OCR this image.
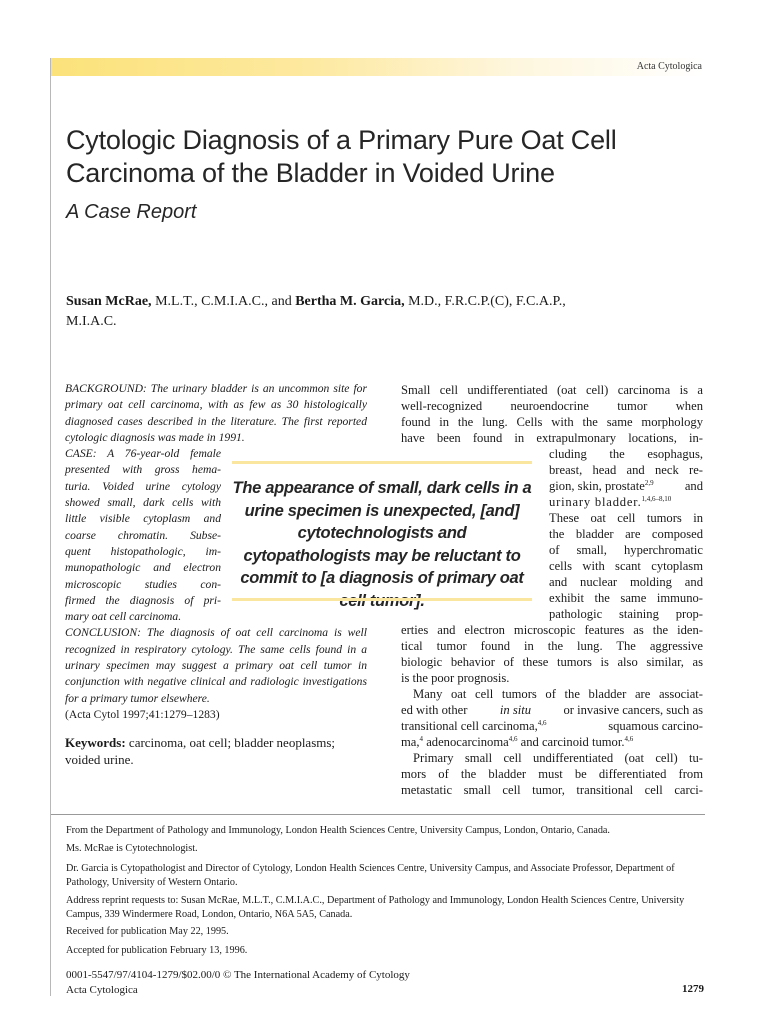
Acta Cytologica
Cytologic Diagnosis of a Primary Pure Oat Cell
Carcinoma of the Bladder in Voided Urine
A Case Report
Susan McRae, M.L.T., C.M.I.A.C., and Bertha M. Garcia, M.D., F.R.C.P.(C), F.C.A.P.,
M.I.A.C.

BACKGROUND: The urinary bladder is an uncommon site for primary oat cell carcinoma, with as few as 30 histologically diagnosed cases described in the literature. The first reported cytologic diagnosis was made in 1991.

CASE: A 76-year-old female
presented with gross hema-
turia. Voided urine cytology
showed small, dark cells with
little visible cytoplasm and
coarse chromatin. Subse-
quent histopathologic, im-
munopathologic and electron
microscopic studies con-
firmed the diagnosis of pri-
mary oat cell carcinoma.

CONCLUSION: The diagnosis of oat cell carcinoma is well recognized in respiratory cytology. The same cells found in a urinary specimen may suggest a primary oat cell tumor in conjunction with negative clinical and radiologic investigations for a primary tumor elsewhere.

(Acta Cytol 1997;41:1279–1283)

Keywords: carcinoma, oat cell; bladder neoplasms; voided urine.
The appearance of small, dark cells in a urine specimen is unexpected, [and] cytotechnologists and cytopathologists may be reluctant to commit to [a diagnosis of primary oat
Small cell undifferentiated (oat cell) carcinoma is a
well-recognized neuroendocrine tumor when
found in the lung. Cells with the same morphology
have been found in extrapulmonary locations, in-
cluding the esophagus,
breast, head and neck re-
gion, skin, prostate$^{2,9}$ and
urinary bladder.$^{1,4,6-8,10}$
These oat cell tumors in
the bladder are composed
of small, hyperchromatic
cells with scant cytoplasm
and nuclear molding and
exhibit the same immuno-
pathologic staining prop-
erties and electron microscopic features as the iden-
tical tumor found in the lung. The aggressive
biologic behavior of these tumors is also similar, as
is the poor prognosis.
Many oat cell tumors of the bladder are associat-
ed with other in situ or invasive cancers, such as
transitional cell carcinoma,$^{4,6}$	squamous carcino-
ma,$^4$ adenocarcinoma$^{4,6}$ and carcinoid tumor.$^{4,6}$
Primary small cell undifferentiated (oat cell) tu-
mors of the bladder must be differentiated from
metastatic small cell tumor, transitional cell carci-

From the Department of Pathology and Immunology, London Health Sciences Centre, University Campus, London, Ontario, Canada.

Ms. McRae is Cytotechnologist.

Dr. Garcia is Cytopathologist and Director of Cytology, London Health Sciences Centre, University Campus, and Associate Professor, Department of Pathology, University of Western Ontario.

Address reprint requests to: Susan McRae, M.L.T., C.M.I.A.C., Department of Pathology and Immunology, London Health Sciences Centre, University Campus, 339 Windermere Road, London, Ontario, N6A 5A5, Canada.

Received for publication May 22, 1995.

Accepted for publication February 13, 1996.

0001-5547/97/4104-1279/$02.00/0 © The International Academy of Cytology
Acta Cytologica	1279
